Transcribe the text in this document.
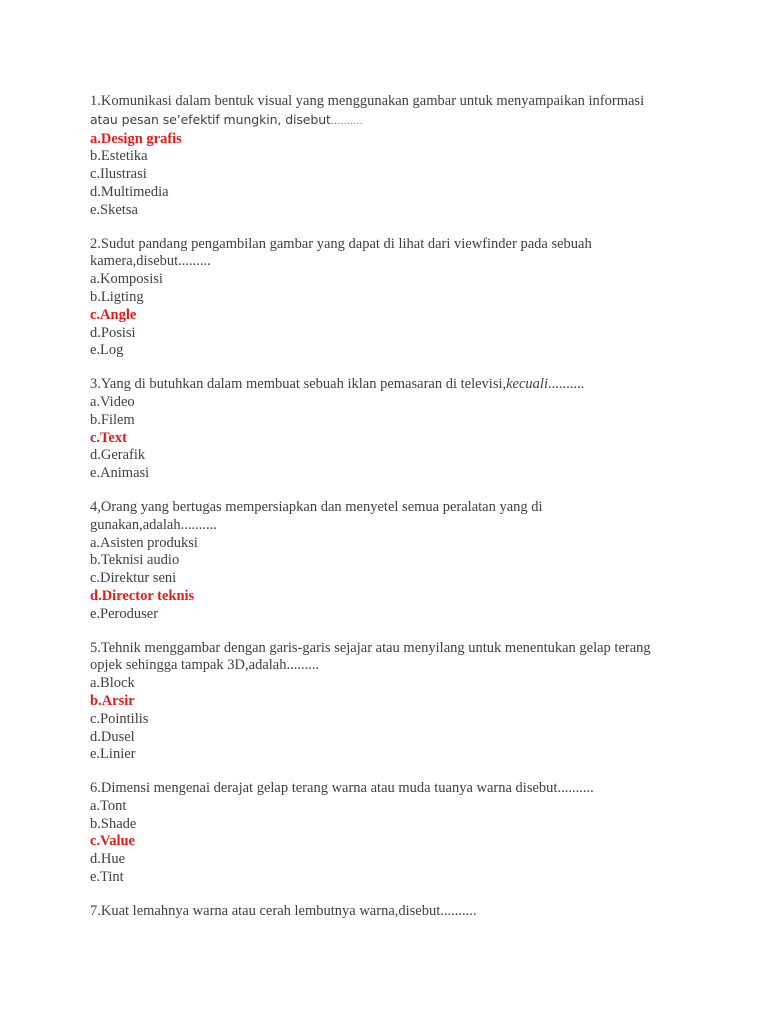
1.Komunikasi dalam bentuk visual yang menggunakan gambar untuk menyampaikan informasi
atau pesan se’efektif mungkin, disebut..........
a.Design grafis
b.Estetika
c.Ilustrasi
d.Multimedia
e.Sketsa
2.Sudut pandang pengambilan gambar yang dapat di lihat dari viewfinder pada sebuah
kamera,disebut.........
a.Komposisi
b.Ligting
c.Angle
d.Posisi
e.Log
3.Yang di butuhkan dalam membuat sebuah iklan pemasaran di televisi,kecuali..........
a.Video
b.Filem
c.Text
d.Gerafik
e.Animasi
4,Orang yang bertugas mempersiapkan dan menyetel semua peralatan yang di
gunakan,adalah..........
a.Asisten produksi
b.Teknisi audio
c.Direktur seni
d.Director teknis
e.Peroduser
5.Tehnik menggambar dengan garis-garis sejajar atau menyilang untuk menentukan gelap terang
opjek sehingga tampak 3D,adalah.........
a.Block
b.Arsir
c.Pointilis
d.Dusel
e.Linier
6.Dimensi mengenai derajat gelap terang warna atau muda tuanya warna disebut..........
a.Tont
b.Shade
c.Value
d.Hue
e.Tint
7.Kuat lemahnya warna atau cerah lembutnya warna,disebut..........
